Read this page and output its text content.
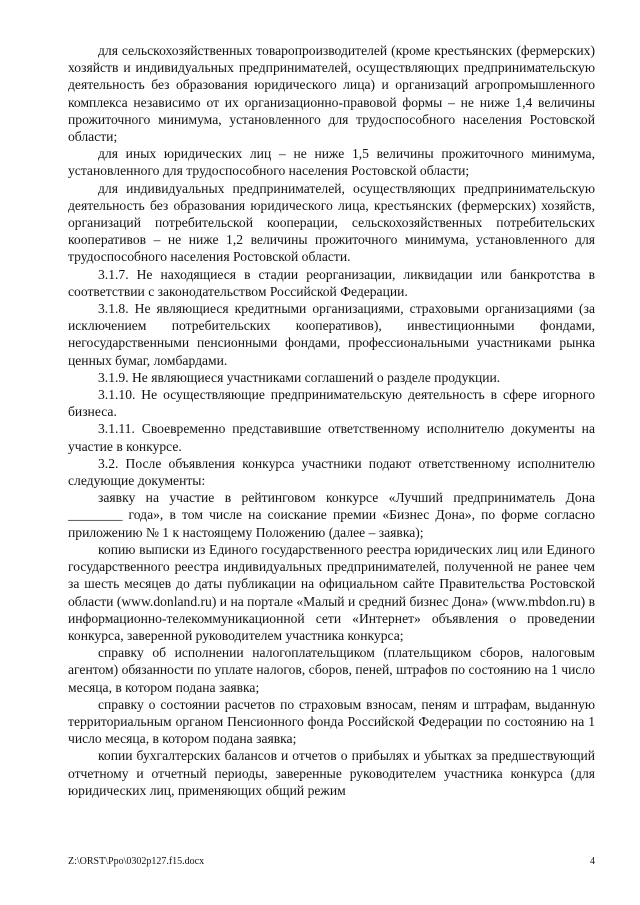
для сельскохозяйственных товаропроизводителей (кроме крестьянских (фермерских) хозяйств и индивидуальных предпринимателей, осуществляющих предпринимательскую деятельность без образования юридического лица) и организаций агропромышленного комплекса независимо от их организационно-правовой формы – не ниже 1,4 величины прожиточного минимума, установленного для трудоспособного населения Ростовской области;

для иных юридических лиц – не ниже 1,5 величины прожиточного минимума, установленного для трудоспособного населения Ростовской области;

для индивидуальных предпринимателей, осуществляющих предпринимательскую деятельность без образования юридического лица, крестьянских (фермерских) хозяйств, организаций потребительской кооперации, сельскохозяйственных потребительских кооперативов – не ниже 1,2 величины прожиточного минимума, установленного для трудоспособного населения Ростовской области.

3.1.7. Не находящиеся в стадии реорганизации, ликвидации или банкротства в соответствии с законодательством Российской Федерации.

3.1.8. Не являющиеся кредитными организациями, страховыми организациями (за исключением потребительских кооперативов), инвестиционными фондами, негосударственными пенсионными фондами, профессиональными участниками рынка ценных бумаг, ломбардами.

3.1.9. Не являющиеся участниками соглашений о разделе продукции.

3.1.10. Не осуществляющие предпринимательскую деятельность в сфере игорного бизнеса.

3.1.11. Своевременно представившие ответственному исполнителю документы на участие в конкурсе.

3.2. После объявления конкурса участники подают ответственному исполнителю следующие документы:

заявку на участие в рейтинговом конкурсе «Лучший предприниматель Дона ________ года», в том числе на соискание премии «Бизнес Дона», по форме согласно приложению № 1 к настоящему Положению (далее – заявка);

копию выписки из Единого государственного реестра юридических лиц или Единого государственного реестра индивидуальных предпринимателей, полученной не ранее чем за шесть месяцев до даты публикации на официальном сайте Правительства Ростовской области (www.donland.ru) и на портале «Малый и средний бизнес Дона» (www.mbdon.ru) в информационно-телекоммуникационной сети «Интернет» объявления о проведении конкурса, заверенной руководителем участника конкурса;

справку об исполнении налогоплательщиком (плательщиком сборов, налоговым агентом) обязанности по уплате налогов, сборов, пеней, штрафов по состоянию на 1 число месяца, в котором подана заявка;

справку о состоянии расчетов по страховым взносам, пеням и штрафам, выданную территориальным органом Пенсионного фонда Российской Федерации по состоянию на 1 число месяца, в котором подана заявка;

копии бухгалтерских балансов и отчетов о прибылях и убытках за предшествующий отчетному и отчетный периоды, заверенные руководителем участника конкурса (для юридических лиц, применяющих общий режим

Z:\ORST\Ppo\0302p127.f15.docx	4
